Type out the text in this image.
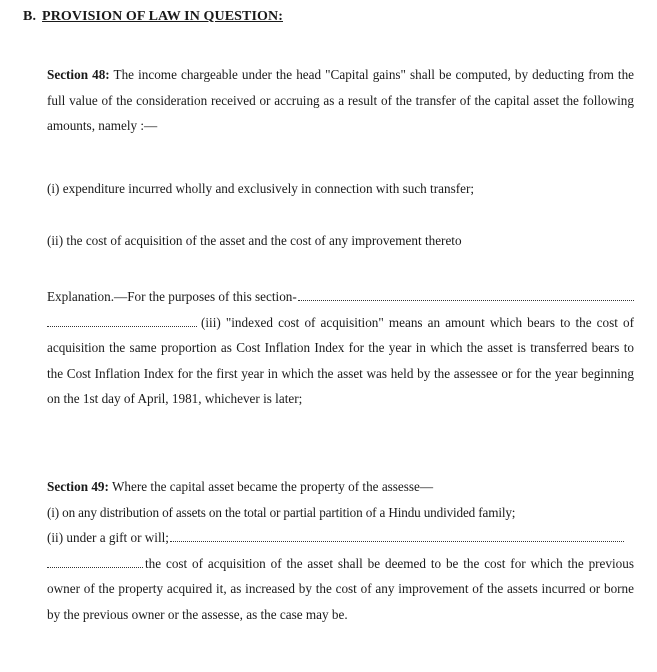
B. PROVISION OF LAW IN QUESTION:
Section 48: The income chargeable under the head "Capital gains" shall be computed, by deducting from the full value of the consideration received or accruing as a result of the transfer of the capital asset the following amounts, namely :—
(i) expenditure incurred wholly and exclusively in connection with such transfer;
(ii) the cost of acquisition of the asset and the cost of any improvement thereto
Explanation.—For the purposes of this section-
(iii) "indexed cost of acquisition" means an amount which bears to the cost of acquisition the same proportion as Cost Inflation Index for the year in which the asset is transferred bears to the Cost Inflation Index for the first year in which the asset was held by the assessee or for the year beginning on the 1st day of April, 1981, whichever is later;
Section 49: Where the capital asset became the property of the assesse—
(i) on any distribution of assets on the total or partial partition of a Hindu undivided family;
(ii) under a gift or will;
the cost of acquisition of the asset shall be deemed to be the cost for which the previous owner of the property acquired it, as increased by the cost of any improvement of the assets incurred or borne by the previous owner or the assesse, as the case may be.
